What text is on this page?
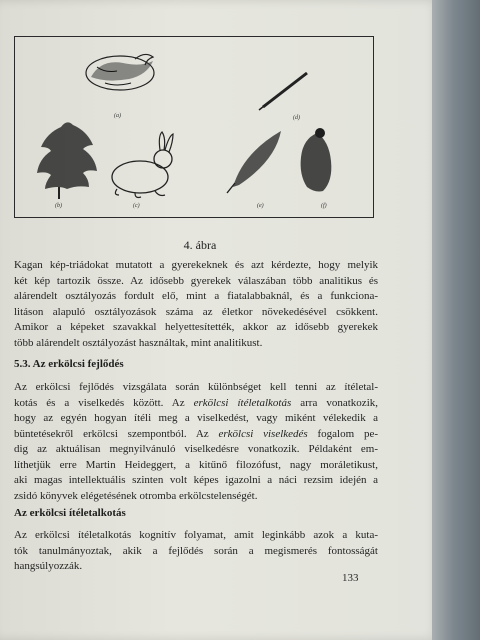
(a)	(d)
(b)	(c)	(e)	(f)
4. ábra
Kagan kép-triádokat mutatott a gyerekeknek és azt kérdezte, hogy melyik
két kép tartozik össze. Az idősebb gyerekek válaszában több analitikus és
alárendelt osztályozás fordult elő, mint a fiatalabbaknál, és a funkciona-
litáson alapuló osztályozások száma az életkor növekedésével csökkent.
Amikor a képeket szavakkal helyettesítették, akkor az idősebb gyerekek
több alárendelt osztályozást használtak, mint analitikust.
5.3. Az erkölcsi fejlődés
Az erkölcsi fejlődés vizsgálata során különbséget kell tenni az ítéletal-
kotás és a viselkedés között. Az erkölcsi ítéletalkotás arra vonatkozik,
hogy az egyén hogyan ítéli meg a viselkedést, vagy miként vélekedik a
büntetésekről erkölcsi szempontból. Az erkölcsi viselkedés fogalom pe-
dig az aktuálisan megnyilvánuló viselkedésre vonatkozik. Példaként em-
líthetjük erre Martin Heideggert, a kitűnő filozófust, nagy moráletikust,
aki magas intellektuális szinten volt képes igazolni a náci rezsim idején a
zsidó könyvek elégetésének otromba erkölcstelenségét.
Az erkölcsi ítéletalkotás
Az erkölcsi ítéletalkotás kognitív folyamat, amit leginkább azok a kuta-
tók tanulmányoztak, akik a fejlődés során a megismerés fontosságát
hangsúlyozzák.
133
